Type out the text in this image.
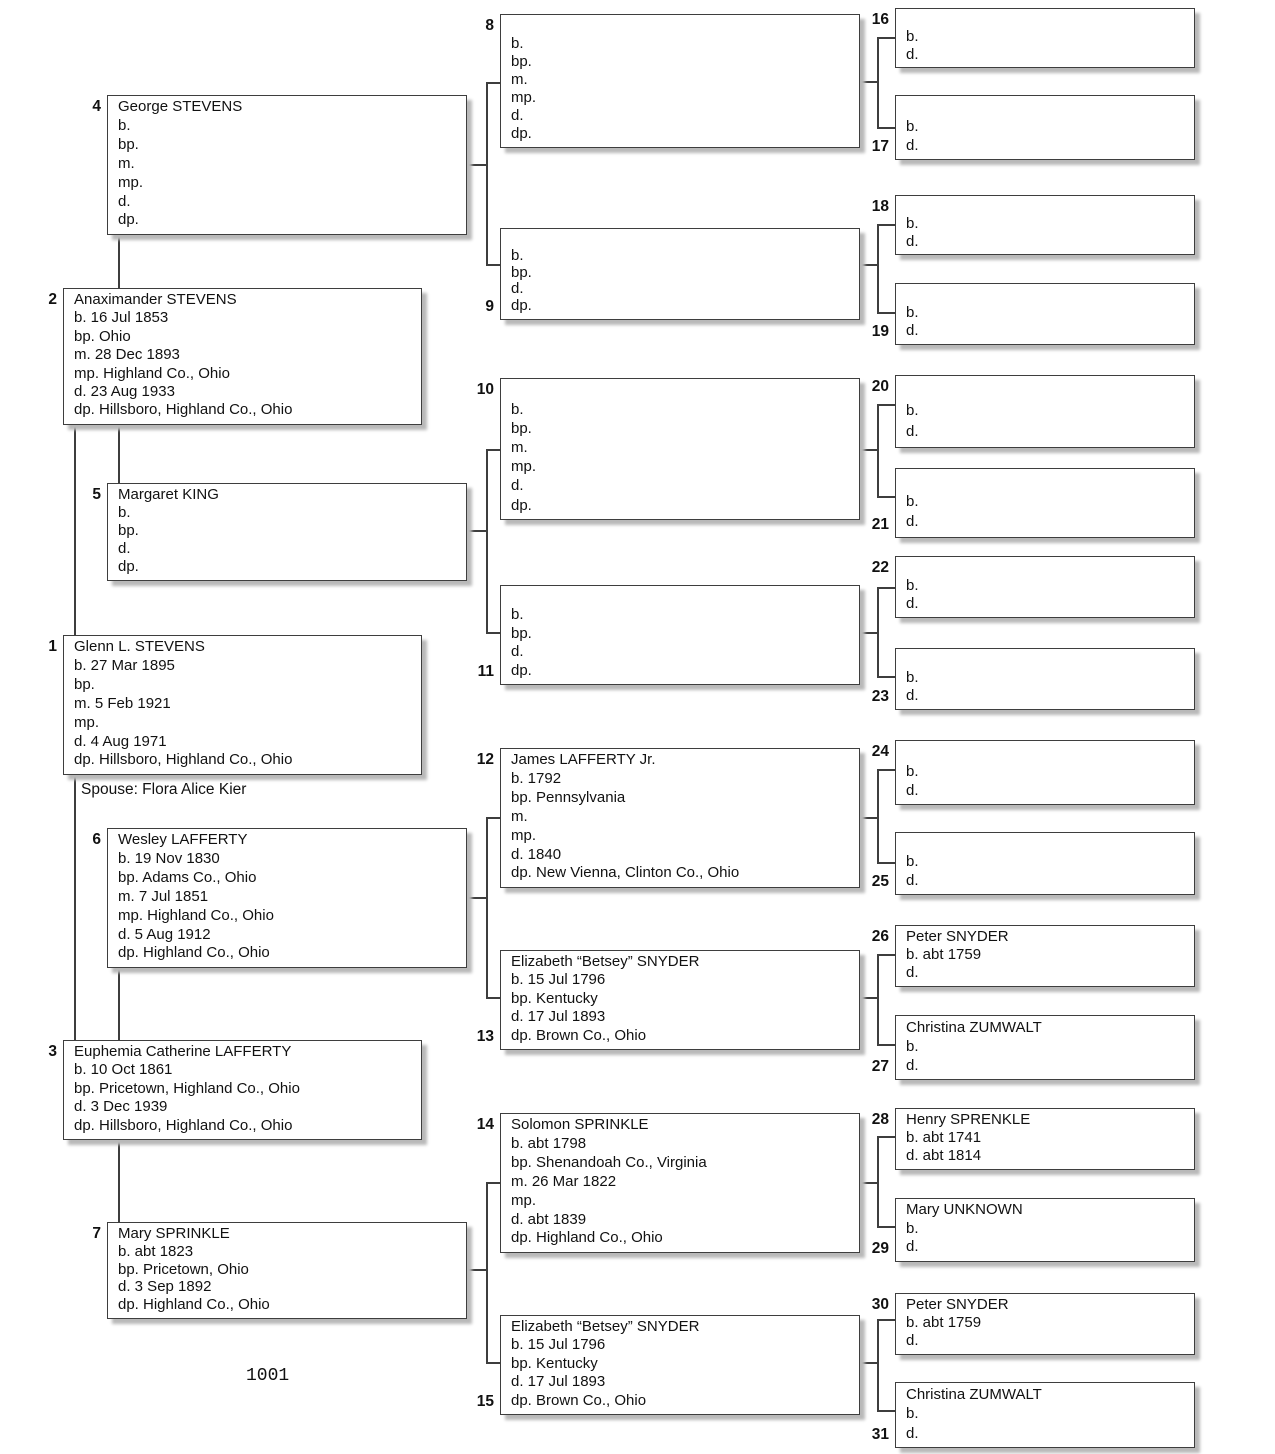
Spouse: Flora Alice Kier
1001
1 Glenn L. STEVENS
b. 27 Mar 1895
bp.
m. 5 Feb 1921
mp.
d. 4 Aug 1971
dp. Hillsboro, Highland Co., Ohio
2 Anaximander STEVENS
b. 16 Jul 1853
bp. Ohio
m. 28 Dec 1893
mp. Highland Co., Ohio
d. 23 Aug 1933
dp. Hillsboro, Highland Co., Ohio
3 Euphemia Catherine LAFFERTY
b. 10 Oct 1861
bp. Pricetown, Highland Co., Ohio
d. 3 Dec 1939
dp. Hillsboro, Highland Co., Ohio
4 George STEVENS
b.
bp.
m.
mp.
d.
dp.
5 Margaret KING
b.
bp.
d.
dp.
6 Wesley LAFFERTY
b. 19 Nov 1830
bp. Adams Co., Ohio
m. 7 Jul 1851
mp. Highland Co., Ohio
d. 5 Aug 1912
dp. Highland Co., Ohio
7 Mary SPRINKLE
b. abt 1823
bp. Pricetown, Ohio
d. 3 Sep 1892
dp. Highland Co., Ohio
8
b.
bp.
m.
mp.
d.
dp.
9
b.
bp.
d.
dp.
10
b.
bp.
m.
mp.
d.
dp.
11
b.
bp.
d.
dp.
12 James LAFFERTY Jr.
b. 1792
bp. Pennsylvania
m.
mp.
d. 1840
dp. New Vienna, Clinton Co., Ohio
13
Elizabeth “Betsey” SNYDER
b. 15 Jul 1796
bp. Kentucky
d. 17 Jul 1893
dp. Brown Co., Ohio
14 Solomon SPRINKLE
b. abt 1798
bp. Shenandoah Co., Virginia
m. 26 Mar 1822
mp.
d. abt 1839
dp. Highland Co., Ohio
15
Elizabeth “Betsey” SNYDER
b. 15 Jul 1796
bp. Kentucky
d. 17 Jul 1893
dp. Brown Co., Ohio
16
b.
d.
17
b.
d.
18
b.
d.
19
b.
d.
20
b.
d.
21
b.
d.
22
b.
d.
23
b.
d.
24
b.
d.
25
b.
d.
26 Peter SNYDER
b. abt 1759
d.
27
Christina ZUMWALT
b.
d.
28 Henry SPRENKLE
b. abt 1741
d. abt 1814
29
Mary UNKNOWN
b.
d.
30 Peter SNYDER
b. abt 1759
d.
31
Christina ZUMWALT
b.
d.
